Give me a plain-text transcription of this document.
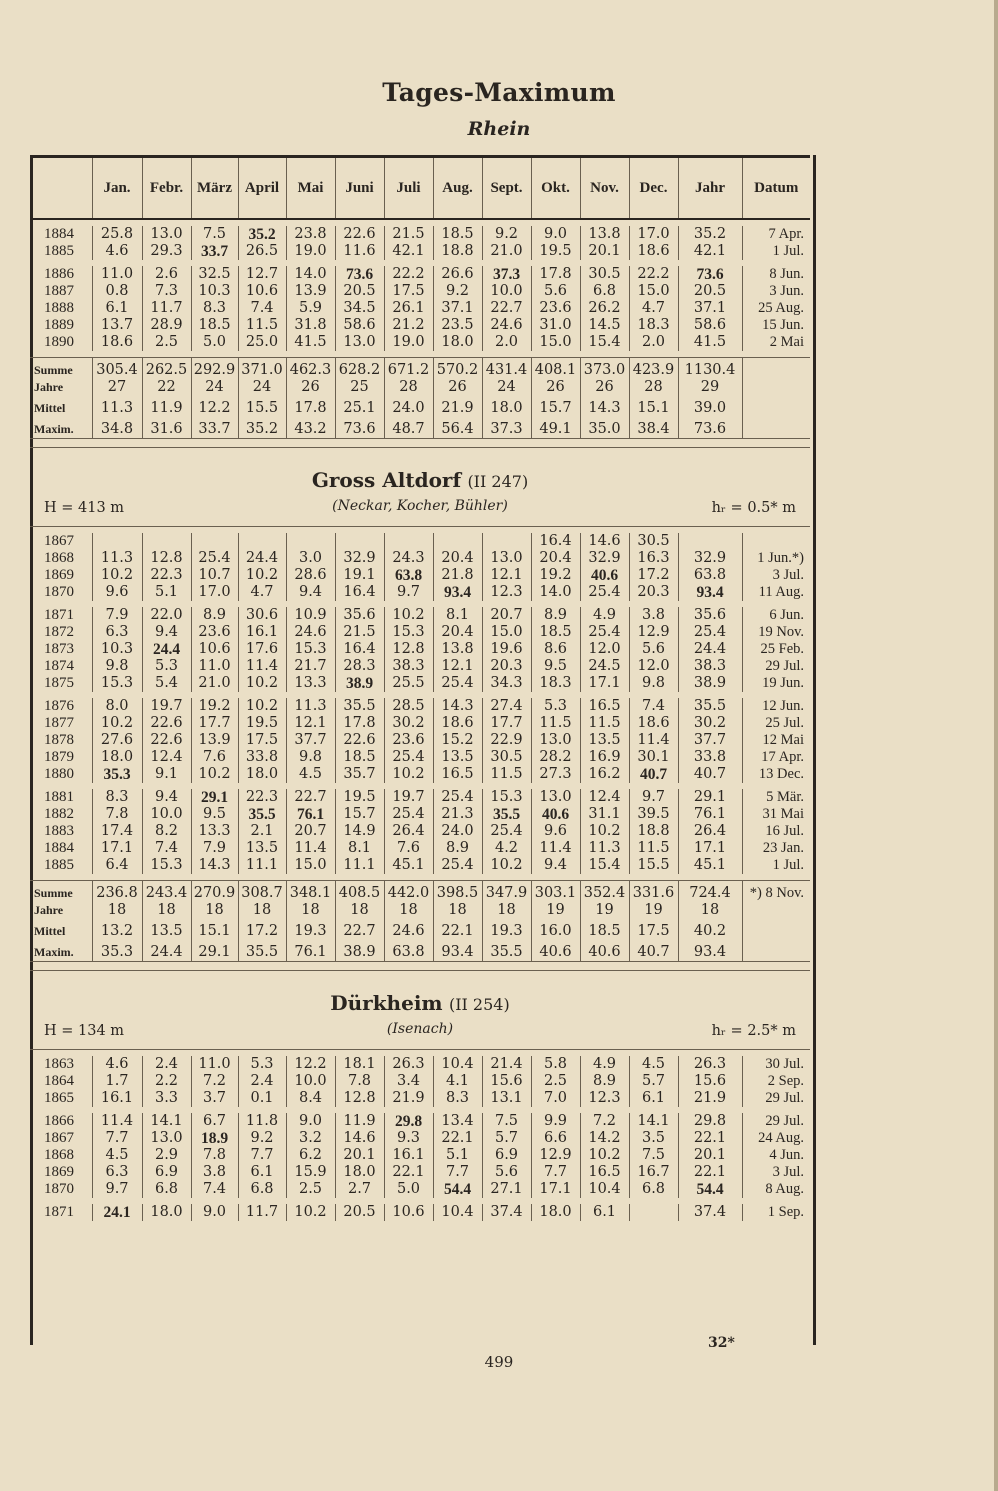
Tages-Maximum
Rhein
	Jan.	Febr.	März	April	Mai	Juni	Juli	Aug.	Sept.	Okt.	Nov.	Dec.	Jahr	Datum

1884	25.8	13.0	7.5	35.2	23.8	22.6	21.5	18.5	9.2	9.0	13.8	17.0	35.2	7 Apr.
1885	4.6	29.3	33.7	26.5	19.0	11.6	42.1	18.8	21.0	19.5	20.1	18.6	42.1	1 Jul.

1886	11.0	2.6	32.5	12.7	14.0	73.6	22.2	26.6	37.3	17.8	30.5	22.2	73.6	8 Jun.
1887	0.8	7.3	10.3	10.6	13.9	20.5	17.5	9.2	10.0	5.6	6.8	15.0	20.5	3 Jun.
1888	6.1	11.7	8.3	7.4	5.9	34.5	26.1	37.1	22.7	23.6	26.2	4.7	37.1	25 Aug.
1889	13.7	28.9	18.5	11.5	31.8	58.6	21.2	23.5	24.6	31.0	14.5	18.3	58.6	15 Jun.
1890	18.6	2.5	5.0	25.0	41.5	13.0	19.0	18.0	2.0	15.0	15.4	2.0	41.5	2 Mai

Summe	305.4	262.5	292.9	371.0	462.3	628.2	671.2	570.2	431.4	408.1	373.0	423.9	1130.4	
Jahre	27	22	24	24	26	25	28	26	24	26	26	28	29	
Mittel	11.3	11.9	12.2	15.5	17.8	25.1	24.0	21.9	18.0	15.7	14.3	15.1	39.0	
Maxim.	34.8	31.6	33.7	35.2	43.2	73.6	48.7	56.4	37.3	49.1	35.0	38.4	73.6	

Gross Altdorf (II 247)
(Neckar, Kocher, Bühler)
H = 413 m hᵣ = 0.5* m														

1867										16.4	14.6	30.5		
1868	11.3	12.8	25.4	24.4	3.0	32.9	24.3	20.4	13.0	20.4	32.9	16.3	32.9	1 Jun.*)
1869	10.2	22.3	10.7	10.2	28.6	19.1	63.8	21.8	12.1	19.2	40.6	17.2	63.8	3 Jul.
1870	9.6	5.1	17.0	4.7	9.4	16.4	9.7	93.4	12.3	14.0	25.4	20.3	93.4	11 Aug.

1871	7.9	22.0	8.9	30.6	10.9	35.6	10.2	8.1	20.7	8.9	4.9	3.8	35.6	6 Jun.
1872	6.3	9.4	23.6	16.1	24.6	21.5	15.3	20.4	15.0	18.5	25.4	12.9	25.4	19 Nov.
1873	10.3	24.4	10.6	17.6	15.3	16.4	12.8	13.8	19.6	8.6	12.0	5.6	24.4	25 Feb.
1874	9.8	5.3	11.0	11.4	21.7	28.3	38.3	12.1	20.3	9.5	24.5	12.0	38.3	29 Jul.
1875	15.3	5.4	21.0	10.2	13.3	38.9	25.5	25.4	34.3	18.3	17.1	9.8	38.9	19 Jun.

1876	8.0	19.7	19.2	10.2	11.3	35.5	28.5	14.3	27.4	5.3	16.5	7.4	35.5	12 Jun.
1877	10.2	22.6	17.7	19.5	12.1	17.8	30.2	18.6	17.7	11.5	11.5	18.6	30.2	25 Jul.
1878	27.6	22.6	13.9	17.5	37.7	22.6	23.6	15.2	22.9	13.0	13.5	11.4	37.7	12 Mai
1879	18.0	12.4	7.6	33.8	9.8	18.5	25.4	13.5	30.5	28.2	16.9	30.1	33.8	17 Apr.
1880	35.3	9.1	10.2	18.0	4.5	35.7	10.2	16.5	11.5	27.3	16.2	40.7	40.7	13 Dec.

1881	8.3	9.4	29.1	22.3	22.7	19.5	19.7	25.4	15.3	13.0	12.4	9.7	29.1	5 Mär.
1882	7.8	10.0	9.5	35.5	76.1	15.7	25.4	21.3	35.5	40.6	31.1	39.5	76.1	31 Mai
1883	17.4	8.2	13.3	2.1	20.7	14.9	26.4	24.0	25.4	9.6	10.2	18.8	26.4	16 Jul.
1884	17.1	7.4	7.9	13.5	11.4	8.1	7.6	8.9	4.2	11.4	11.3	11.5	17.1	23 Jan.
1885	6.4	15.3	14.3	11.1	15.0	11.1	45.1	25.4	10.2	9.4	15.4	15.5	45.1	1 Jul.

Summe	236.8	243.4	270.9	308.7	348.1	408.5	442.0	398.5	347.9	303.1	352.4	331.6	724.4	*) 8 Nov.
Jahre	18	18	18	18	18	18	18	18	18	19	19	19	18	
Mittel	13.2	13.5	15.1	17.2	19.3	22.7	24.6	22.1	19.3	16.0	18.5	17.5	40.2	
Maxim.	35.3	24.4	29.1	35.5	76.1	38.9	63.8	93.4	35.5	40.6	40.6	40.7	93.4	

Dürkheim (II 254)
(Isenach)
H = 134 m hᵣ = 2.5* m														

1863	4.6	2.4	11.0	5.3	12.2	18.1	26.3	10.4	21.4	5.8	4.9	4.5	26.3	30 Jul.
1864	1.7	2.2	7.2	2.4	10.0	7.8	3.4	4.1	15.6	2.5	8.9	5.7	15.6	2 Sep.
1865	16.1	3.3	3.7	0.1	8.4	12.8	21.9	8.3	13.1	7.0	12.3	6.1	21.9	29 Jul.

1866	11.4	14.1	6.7	11.8	9.0	11.9	29.8	13.4	7.5	9.9	7.2	14.1	29.8	29 Jul.
1867	7.7	13.0	18.9	9.2	3.2	14.6	9.3	22.1	5.7	6.6	14.2	3.5	22.1	24 Aug.
1868	4.5	2.9	7.8	7.7	6.2	20.1	16.1	5.1	6.9	12.9	10.2	7.5	20.1	4 Jun.
1869	6.3	6.9	3.8	6.1	15.9	18.0	22.1	7.7	5.6	7.7	16.5	16.7	22.1	3 Jul.
1870	9.7	6.8	7.4	6.8	2.5	2.7	5.0	54.4	27.1	17.1	10.4	6.8	54.4	8 Aug.

1871	24.1	18.0	9.0	11.7	10.2	20.5	10.6	10.4	37.4	18.0	6.1		37.4	1 Sep.

32*
499
